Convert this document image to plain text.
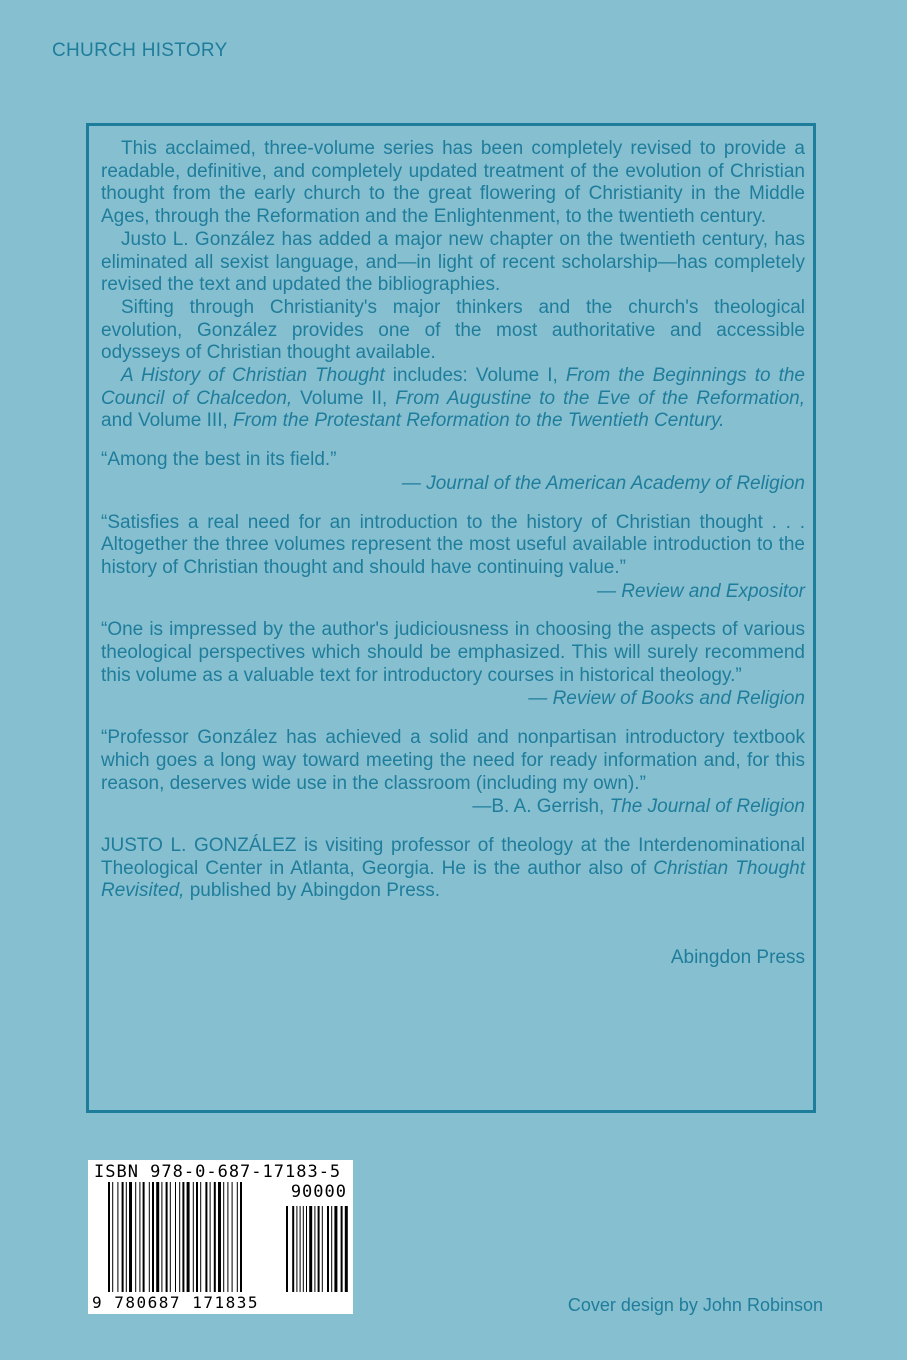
CHURCH HISTORY

This acclaimed, three-volume series has been completely revised to provide a readable, definitive, and completely updated treatment of the evolution of Christian thought from the early church to the great flowering of Christianity in the Middle Ages, through the Reformation and the Enlightenment, to the twentieth century.

Justo L. González has added a major new chapter on the twentieth century, has eliminated all sexist language, and—in light of recent scholarship—has completely revised the text and updated the bibliographies.

Sifting through Christianity's major thinkers and the church's theological evolution, González provides one of the most authoritative and accessible odysseys of Christian thought available.

A History of Christian Thought includes: Volume I, From the Beginnings to the Council of Chalcedon, Volume II, From Augustine to the Eve of the Reformation, and Volume III, From the Protestant Reformation to the Twentieth Century.

“Among the best in its field.”

— Journal of the American Academy of Religion

“Satisfies a real need for an introduction to the history of Christian thought . . . Altogether the three volumes represent the most useful available introduction to the history of Christian thought and should have continuing value.”

— Review and Expositor

“One is impressed by the author's judiciousness in choosing the aspects of various theological perspectives which should be emphasized. This will surely recommend this volume as a valuable text for introductory courses in historical theology.”

— Review of Books and Religion

“Professor González has achieved a solid and nonpartisan introductory textbook which goes a long way toward meeting the need for ready information and, for this reason, deserves wide use in the classroom (including my own).”

—B. A. Gerrish, The Journal of Religion

JUSTO L. GONZÁLEZ is visiting professor of theology at the Interdenominational Theological Center in Atlanta, Georgia. He is the author also of Christian Thought Revisited, published by Abingdon Press.

Abingdon Press
ISBN 978-0-687-17183-5
90000
9 780687 171835	Cover design by John Robinson
